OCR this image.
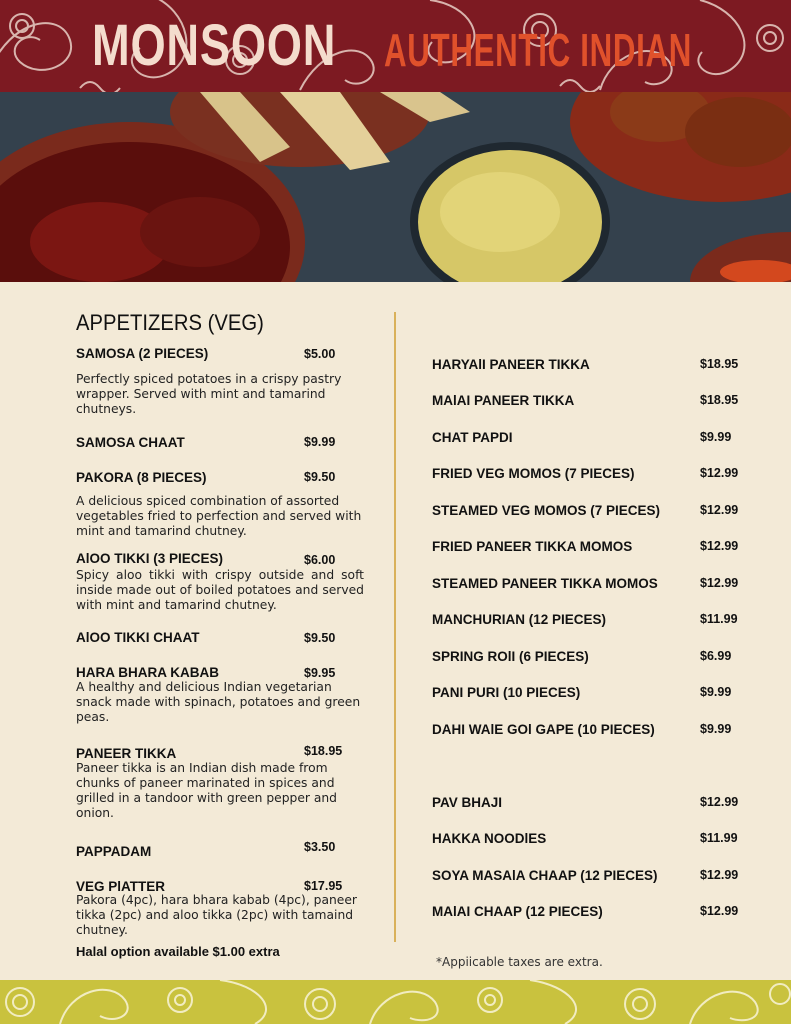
MONSOON AUTHENTIC INDIAN
APPETIZERS (VEG)
SAMOSA (2 PIECES)	$5.00
Perfectly spiced potatoes in a crispy pastry wrapper. Served with mint and tamarind chutneys.
SAMOSA CHAAT	$9.99
PAKORA (8 PIECES)	$9.50
A delicious spiced combination of assorted vegetables fried to perfection and served with mint and tamarind chutney.
AlOO TIKKI (3 PIECES)	$6.00
Spicy aloo tikki with crispy outside and soft inside made out of boiled potatoes and served with mint and tamarind chutney.
AlOO TIKKI CHAAT	$9.50
HARA BHARA KABAB	$9.95
A healthy and delicious Indian vegetarian snack made with spinach, potatoes and green peas.
PANEER TIKKA	$18.95
Paneer tikka is an Indian dish made from chunks of paneer marinated in spices and grilled in a tandoor with green pepper and onion.
PAPPADAM	$3.50
VEG PlATTER	$17.95
Pakora (4pc), hara bhara kabab (4pc), paneer tikka (2pc) and aloo tikka (2pc) with tamaind chutney.
Halal option available $1.00 extra
HARYAlI PANEER TIKKA	$18.95
MAlAI PANEER TIKKA	$18.95
CHAT PAPDI	$9.99
FRIED VEG MOMOS (7 PIECES)	$12.99
STEAMED VEG MOMOS (7 PIECES)	$12.99
FRIED PANEER TIKKA MOMOS	$12.99
STEAMED PANEER TIKKA MOMOS	$12.99
MANCHURIAN (12 PIECES)	$11.99
SPRING ROlI (6 PIECES)	$6.99
PANI PURI (10 PIECES)	$9.99
DAHI WAlE GOl GAPE (10 PIECES)	$9.99
PAV BHAJI	$12.99
HAKKA NOODlES	$11.99
SOYA MASAlA CHAAP (12 PIECES)	$12.99
MAlAI CHAAP (12 PIECES)	$12.99
*Appiicable taxes are extra.
